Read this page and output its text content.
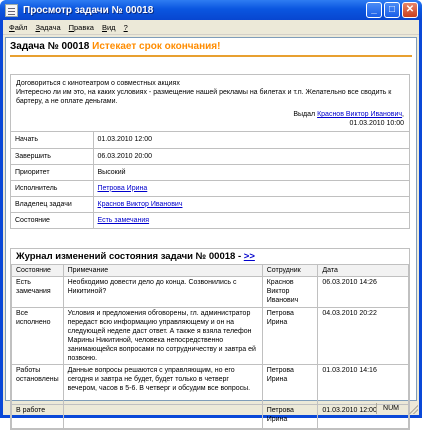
Просмотр задачи № 00018	_	□	✕
Файл	Задача	Правка	Вид	?
Задача № 00018 Истекает срок окончания!
Договориться с кинотеатром о совместных акциях
Интересно ли им это, на каких условиях - размещение нашей рекламы на билетах и т.п. Желательно все сводить к бартеру, а не оплате деньгами.
Выдал Краснов Виктор Иванович,
01.03.2010 10:00
Начать	01.03.2010 12:00
Завершить	06.03.2010 20:00
Приоритет	Высокий
Исполнитель	Петрова Ирина
Владелец задачи	Краснов Виктор Иванович
Состояние	Есть замечания
Журнал изменений состояния задачи № 00018 - >>
Состояние	Примечание	Сотрудник	Дата
Есть замечания	Необходимо довести дело до конца. Созвонились с Никитиной?	Краснов Виктор Иванович	06.03.2010 14:26
Все исполнено	Условия и предложения обговорены, гл. администратор передаст всю информацию управляющему и он на следующей неделе даст ответ. А также я взяла телефон Марины Никитиной, человека непосредственно занимающейся вопросами по сотрудничеству и завтра ей позвоню.	Петрова Ирина	04.03.2010 20:22
Работы остановлены	Данные вопросы решаются с управляющим, но его сегодня и завтра не будет, будет только в четверг вечером, часов в 5-6. В четверг и обсудим все вопросы.	Петрова Ирина	01.03.2010 14:16
В работе		Петрова Ирина	01.03.2010 12:00 NUM
